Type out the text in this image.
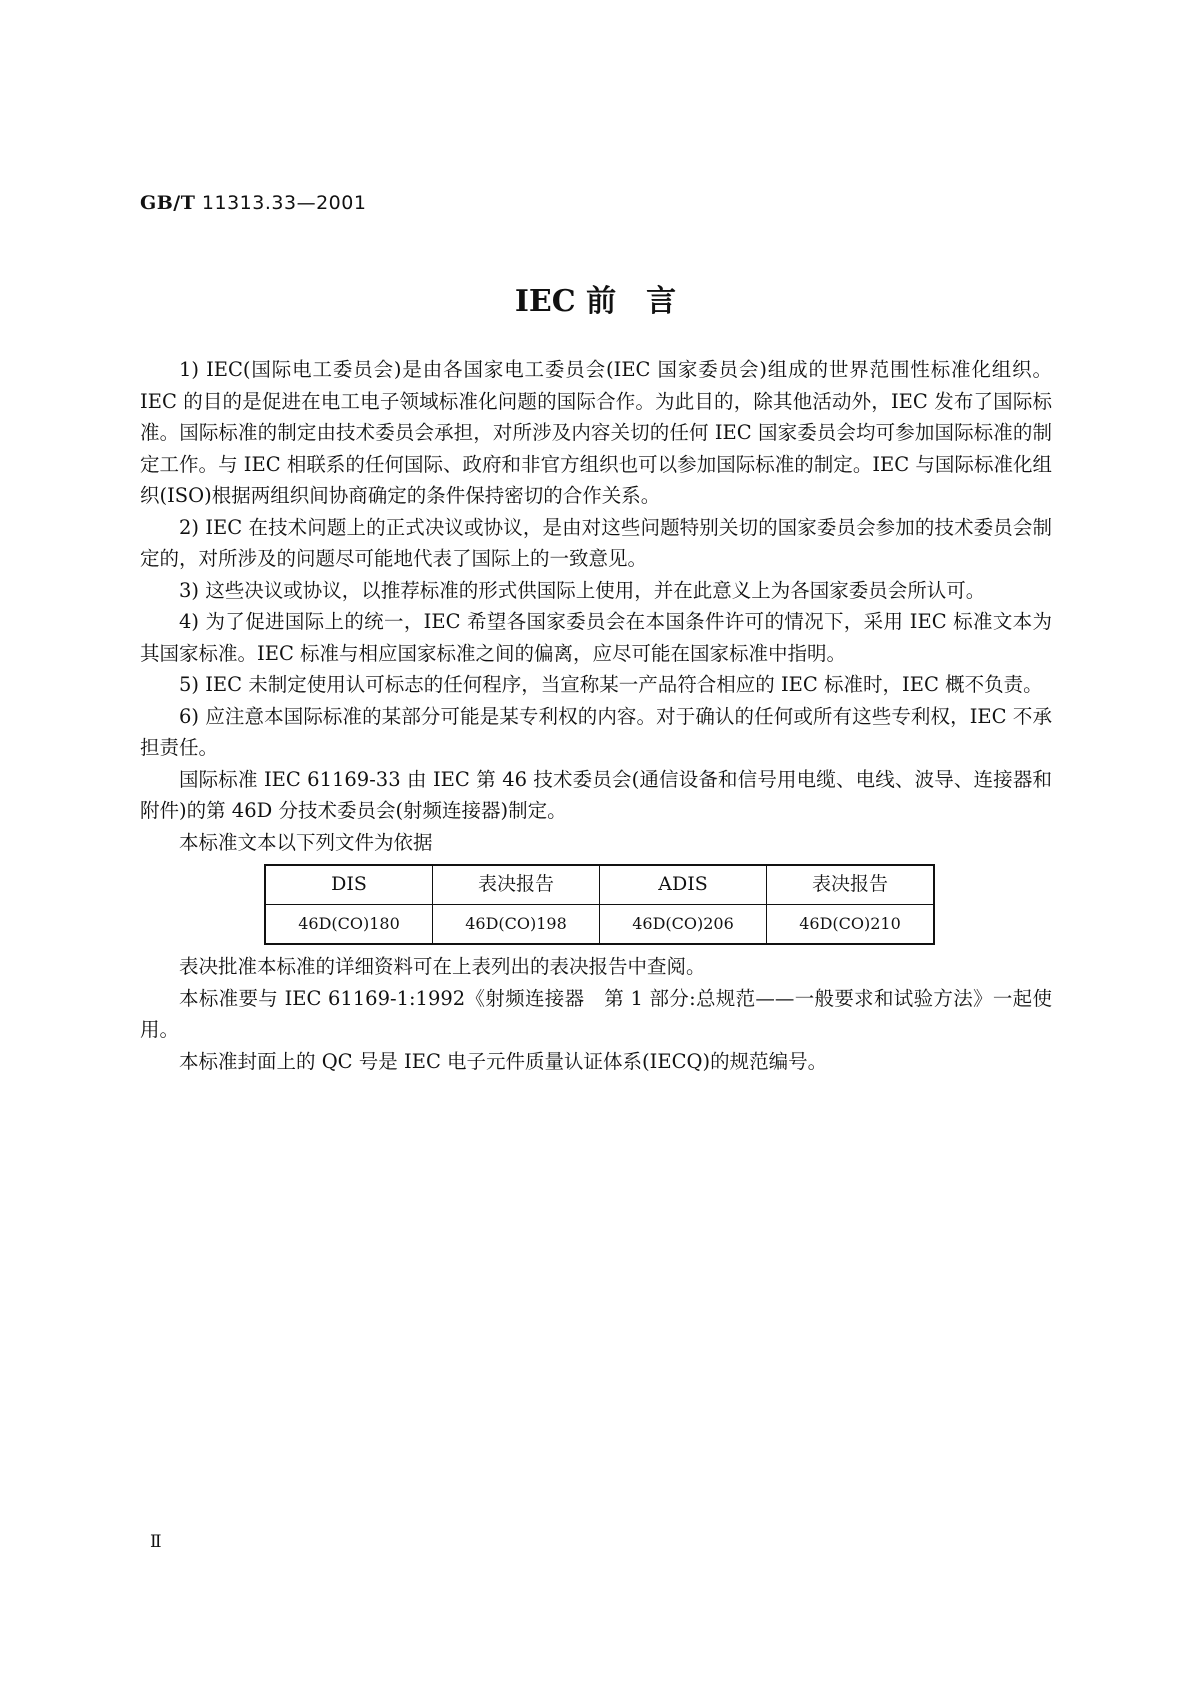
GB/T 11313.33—2001
IEC 前　言

1) IEC(国际电工委员会)是由各国家电工委员会(IEC 国家委员会)组成的世界范围性标准化组织。IEC 的目的是促进在电工电子领域标准化问题的国际合作。为此目的，除其他活动外，IEC 发布了国际标准。国际标准的制定由技术委员会承担，对所涉及内容关切的任何 IEC 国家委员会均可参加国际标准的制定工作。与 IEC 相联系的任何国际、政府和非官方组织也可以参加国际标准的制定。IEC 与国际标准化组织(ISO)根据两组织间协商确定的条件保持密切的合作关系。

2) IEC 在技术问题上的正式决议或协议，是由对这些问题特别关切的国家委员会参加的技术委员会制定的，对所涉及的问题尽可能地代表了国际上的一致意见。

3) 这些决议或协议，以推荐标准的形式供国际上使用，并在此意义上为各国家委员会所认可。

4) 为了促进国际上的统一，IEC 希望各国家委员会在本国条件许可的情况下，采用 IEC 标准文本为其国家标准。IEC 标准与相应国家标准之间的偏离，应尽可能在国家标准中指明。

5) IEC 未制定使用认可标志的任何程序，当宣称某一产品符合相应的 IEC 标准时，IEC 概不负责。

6) 应注意本国际标准的某部分可能是某专利权的内容。对于确认的任何或所有这些专利权，IEC 不承担责任。

国际标准 IEC 61169-33 由 IEC 第 46 技术委员会(通信设备和信号用电缆、电线、波导、连接器和附件)的第 46D 分技术委员会(射频连接器)制定。

本标准文本以下列文件为依据

DIS	表决报告	ADIS	表决报告
46D(CO)180	46D(CO)198	46D(CO)206	46D(CO)210

表决批准本标准的详细资料可在上表列出的表决报告中查阅。

本标准要与 IEC 61169-1:1992《射频连接器　第 1 部分:总规范——一般要求和试验方法》一起使用。

本标准封面上的 QC 号是 IEC 电子元件质量认证体系(IECQ)的规范编号。

Ⅱ
